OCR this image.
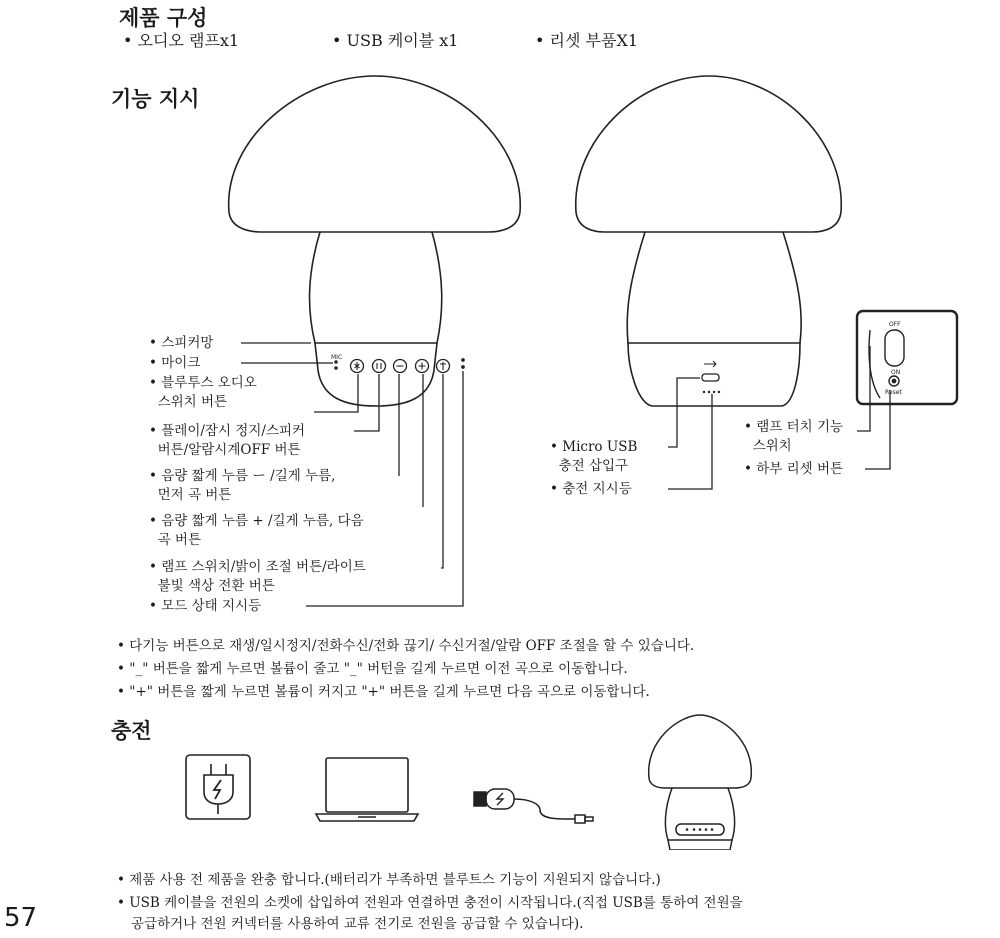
제품 구성
• 오디오 램프x1	• USB 케이블 x1	• 리셋 부품X1
기능 지시
MIC
• 스피커망
• 마이크
• 블루투스 오디오
스위치 버튼
• 플레이/잠시 정지/스피커
버튼/알람시계OFF 버튼
• 음량 짧게 누름 ー /길게 누름,
먼저 곡 버튼
• 음량 짧게 누름 + /길게 누름, 다음
곡 버튼
• 램프 스위치/밝이 조절 버튼/라이트
불빛 색상 전환 버튼
• 모드 상태 지시등
OFF
ON
Reset
• Micro USB
충전 삽입구
• 충전 지시등
• 램프 터치 기능
스위치
• 하부 리셋 버튼
• 다기능 버튼으로 재생/일시정지/전화수신/전화 끊기/ 수신거절/알람 OFF 조절을 할 수 있습니다.
• "_" 버튼을 짧게 누르면 볼륨이 줄고 "_" 버턴을 길게 누르면 이전 곡으로 이동합니다.
• "+" 버튼을 짧게 누르면 볼륨이 커지고 "+" 버튼을 길게 누르면 다음 곡으로 이동합니다.
충전
• 제품 사용 전 제품을 완충 합니다.(배터리가 부족하면 블루트스 기능이 지원되지 않습니다.)
• USB 케이블을 전원의 소켓에 삽입하여 전원과 연결하면 충전이 시작됩니다.(직접 USB를 통하여 전원을
공급하거나 전원 커넥터를 사용하여 교류 전기로 전원을 공급할 수 있습니다).
57
